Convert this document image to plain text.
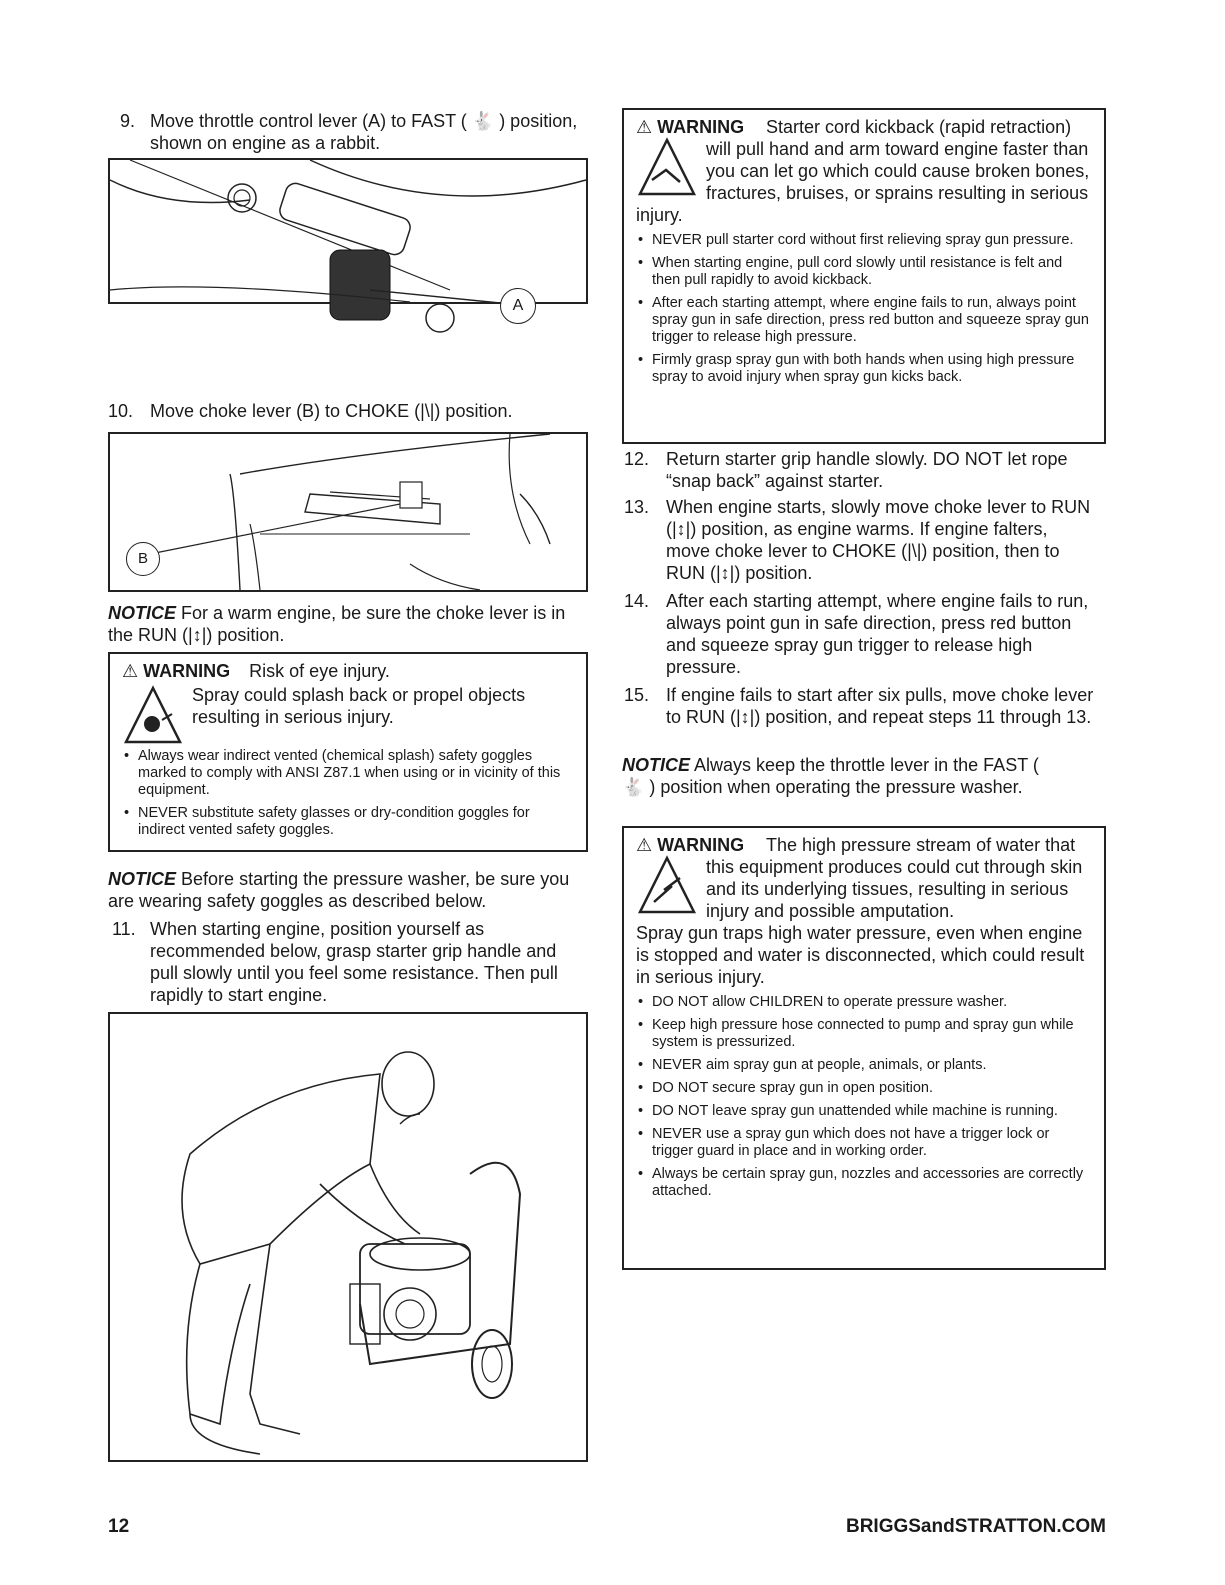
9. Move throttle control lever (A) to FAST ( 🐇 ) position, shown on engine as a rabbit.
A
10. Move choke lever (B) to CHOKE (|\|) position.
B
NOTICE For a warm engine, be sure the choke lever is in the RUN (|↕|) position.
⚠ WARNING Risk of eye injury.
Spray could splash back or propel objects resulting in serious injury.
• Always wear indirect vented (chemical splash) safety goggles marked to comply with ANSI Z87.1 when using or in vicinity of this equipment.
• NEVER substitute safety glasses or dry-condition goggles for indirect vented safety goggles.
NOTICE Before starting the pressure washer, be sure you are wearing safety goggles as described below.
11. When starting engine, position yourself as recommended below, grasp starter grip handle and pull slowly until you feel some resistance. Then pull rapidly to start engine.
⚠ WARNING	Starter cord kickback (rapid retraction) will pull hand and arm toward engine faster than you can let go which could cause broken bones, fractures, bruises, or sprains resulting in serious injury.
• NEVER pull starter cord without first relieving spray gun pressure.
• When starting engine, pull cord slowly until resistance is felt and then pull rapidly to avoid kickback.
• After each starting attempt, where engine fails to run, always point spray gun in safe direction, press red button and squeeze spray gun trigger to release high pressure.
• Firmly grasp spray gun with both hands when using high pressure spray to avoid injury when spray gun kicks back.
12. Return starter grip handle slowly. DO NOT let rope “snap back” against starter.
13. When engine starts, slowly move choke lever to RUN (|↕|) position, as engine warms. If engine falters, move choke lever to CHOKE (|\|) position, then to RUN (|↕|) position.
14. After each starting attempt, where engine fails to run, always point gun in safe direction, press red button and squeeze spray gun trigger to release high pressure.
15. If engine fails to start after six pulls, move choke lever to RUN (|↕|) position, and repeat steps 11 through 13.
NOTICE Always keep the throttle lever in the FAST ( 🐇 ) position when operating the pressure washer.
⚠ WARNING	The high pressure stream of water that this equipment produces could cut through skin and its underlying tissues, resulting in serious injury and possible amputation.
Spray gun traps high water pressure, even when engine is stopped and water is disconnected, which could result in serious injury.
• DO NOT allow CHILDREN to operate pressure washer.
• Keep high pressure hose connected to pump and spray gun while system is pressurized.
• NEVER aim spray gun at people, animals, or plants.
• DO NOT secure spray gun in open position.
• DO NOT leave spray gun unattended while machine is running.
• NEVER use a spray gun which does not have a trigger lock or trigger guard in place and in working order.
• Always be certain spray gun, nozzles and accessories are correctly attached.
12	BRIGGSandSTRATTON.COM
